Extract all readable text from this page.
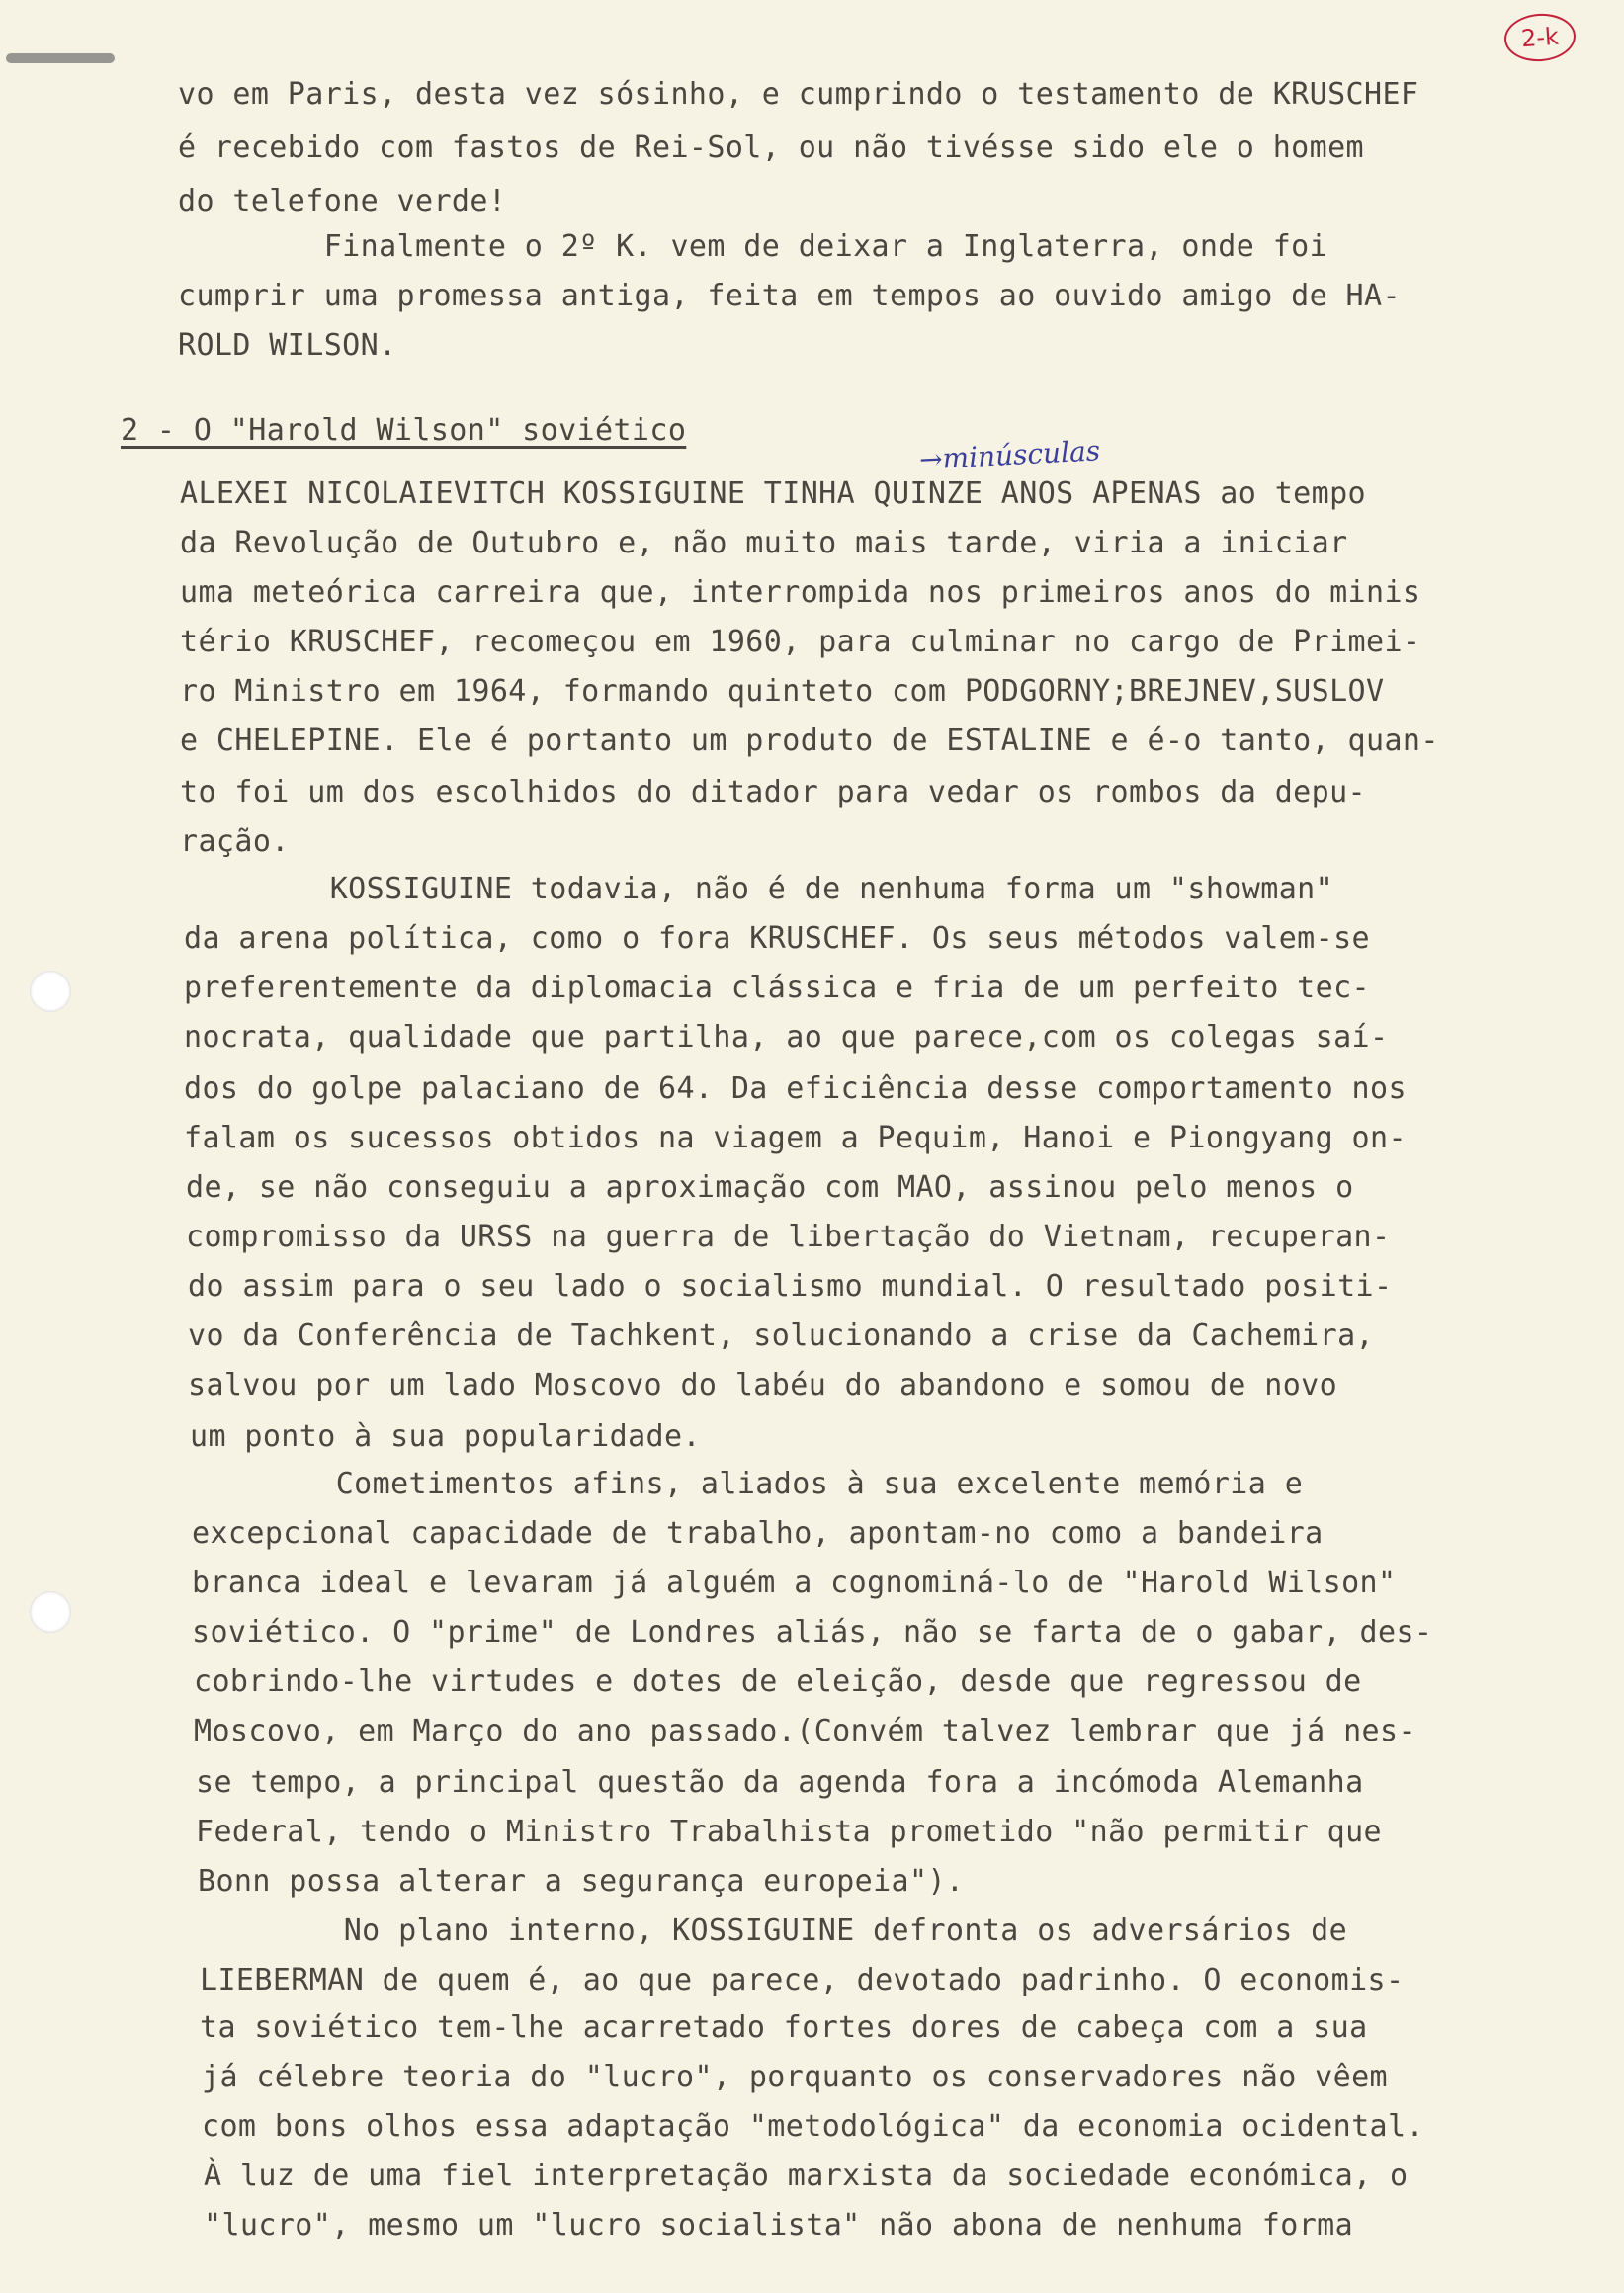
2-k
→minúsculas

vo em Paris, desta vez sósinho, e cumprindo o testamento de KRUSCHEF

é recebido com fastos de Rei-Sol, ou não tivésse sido ele o homem

do telefone verde!

Finalmente o 2º K. vem de deixar a Inglaterra, onde foi

cumprir uma promessa antiga, feita em tempos ao ouvido amigo de HA-

ROLD WILSON.

2 - O "Harold Wilson" soviético

ALEXEI NICOLAIEVITCH KOSSIGUINE TINHA QUINZE ANOS APENAS ao tempo

da Revolução de Outubro e, não muito mais tarde, viria a iniciar

uma meteórica carreira que, interrompida nos primeiros anos do minis

tério KRUSCHEF, recomeçou em 1960, para culminar no cargo de Primei-

ro Ministro em 1964, formando quinteto com PODGORNY;BREJNEV,SUSLOV

e CHELEPINE. Ele é portanto um produto de ESTALINE e é-o tanto, quan-

to foi um dos escolhidos do ditador para vedar os rombos da depu-

ração.

KOSSIGUINE todavia, não é de nenhuma forma um "showman"

da arena política, como o fora KRUSCHEF. Os seus métodos valem-se

preferentemente da diplomacia clássica e fria de um perfeito tec-

nocrata, qualidade que partilha, ao que parece,com os colegas saí-

dos do golpe palaciano de 64. Da eficiência desse comportamento nos

falam os sucessos obtidos na viagem a Pequim, Hanoi e Piongyang on-

de, se não conseguiu a aproximação com MAO, assinou pelo menos o

compromisso da URSS na guerra de libertação do Vietnam, recuperan-

do assim para o seu lado o socialismo mundial. O resultado positi-

vo da Conferência de Tachkent, solucionando a crise da Cachemira,

salvou por um lado Moscovo do labéu do abandono e somou de novo

um ponto à sua popularidade.

Cometimentos afins, aliados à sua excelente memória e

excepcional capacidade de trabalho, apontam-no como a bandeira

branca ideal e levaram já alguém a cognominá-lo de "Harold Wilson"

soviético. O "prime" de Londres aliás, não se farta de o gabar, des-

cobrindo-lhe virtudes e dotes de eleição, desde que regressou de

Moscovo, em Março do ano passado.(Convém talvez lembrar que já nes-

se tempo, a principal questão da agenda fora a incómoda Alemanha

Federal, tendo o Ministro Trabalhista prometido "não permitir que

Bonn possa alterar a segurança europeia").

No plano interno, KOSSIGUINE defronta os adversários de

LIEBERMAN de quem é, ao que parece, devotado padrinho. O economis-

ta soviético tem-lhe acarretado fortes dores de cabeça com a sua

já célebre teoria do "lucro", porquanto os conservadores não vêem

com bons olhos essa adaptação "metodológica" da economia ocidental.

À luz de uma fiel interpretação marxista da sociedade económica, o

"lucro", mesmo um "lucro socialista" não abona de nenhuma forma
